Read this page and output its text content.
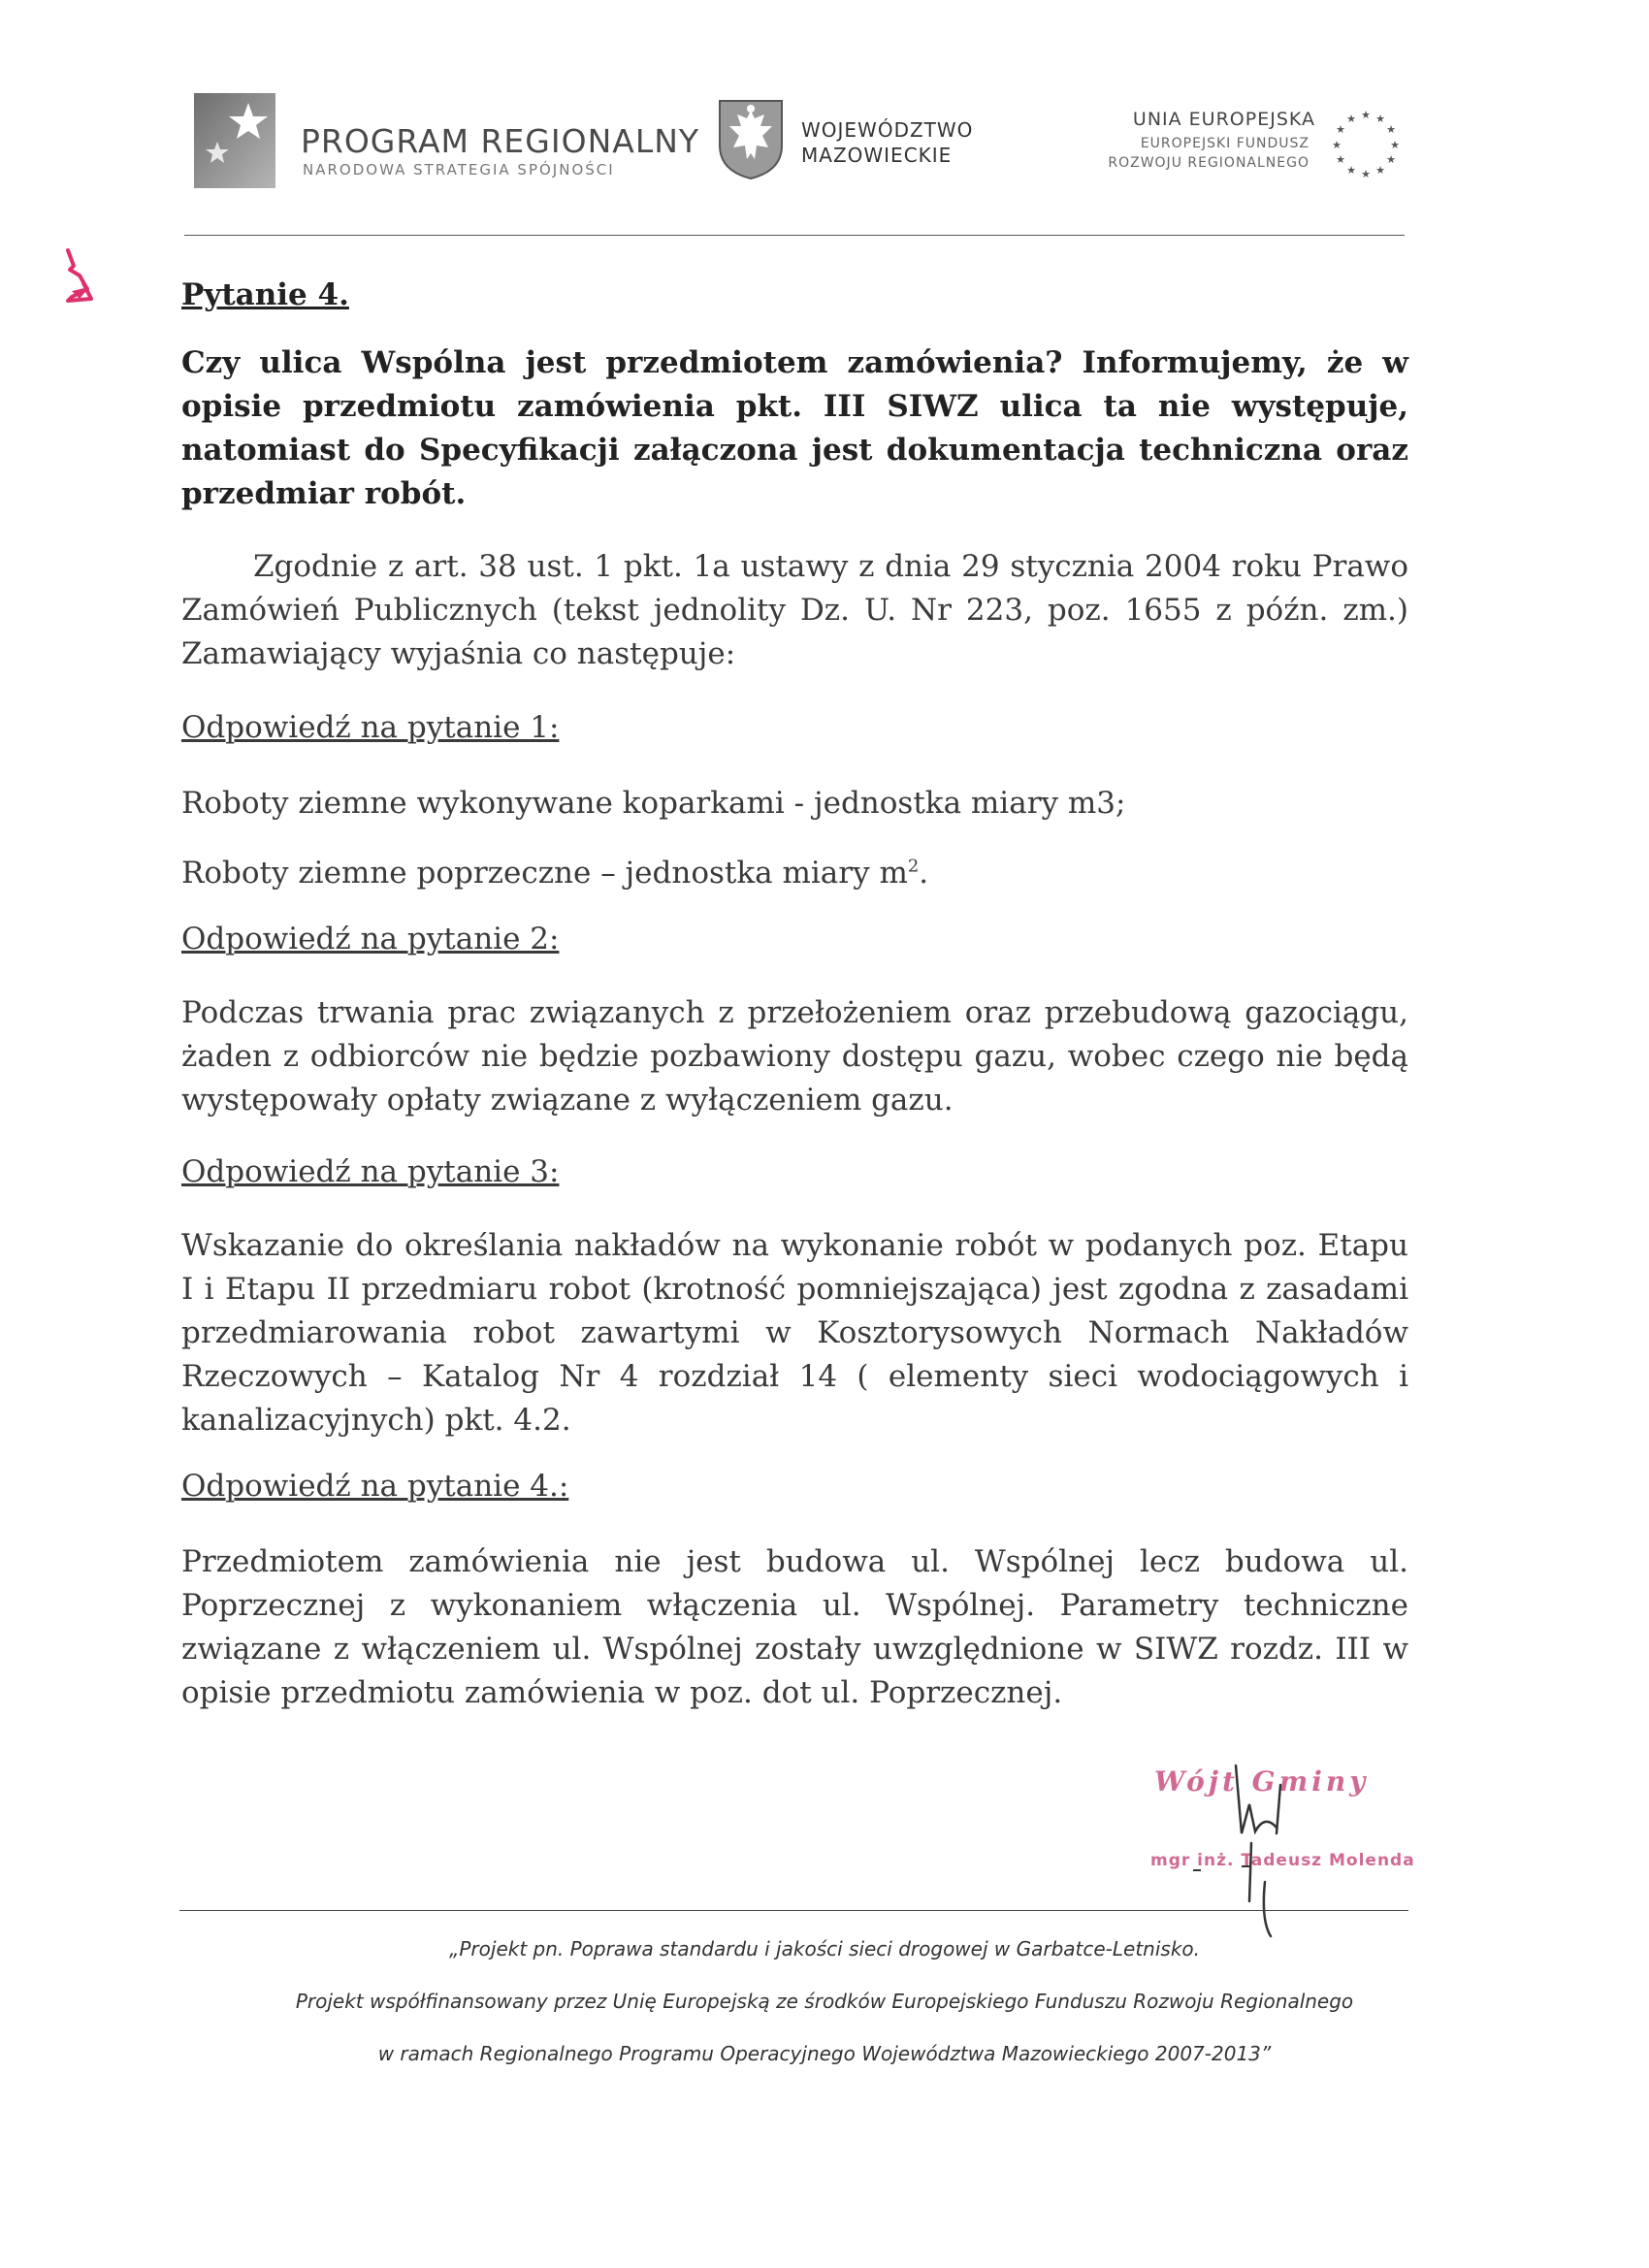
PROGRAM REGIONALNY
NARODOWA STRATEGIA SPÓJNOŚCI
WOJEWÓDZTWO
MAZOWIECKIE
UNIA EUROPEJSKA
EUROPEJSKI FUNDUSZ
ROZWOJU REGIONALNEGO
★ ★
★
★
★
★
★
★
★
★
★
★
Pytanie 4.
Czy ulica Wspólna jest przedmiotem zamówienia? Informujemy, że w opisie przedmiotu zamówienia pkt. III SIWZ ulica ta nie występuje, natomiast do Specyfikacji załączona jest dokumentacja techniczna oraz przedmiar robót.
Zgodnie z art. 38 ust. 1 pkt. 1a ustawy z dnia 29 stycznia 2004 roku Prawo Zamówień Publicznych (tekst jednolity Dz. U. Nr 223, poz. 1655 z późn. zm.) Zamawiający wyjaśnia co następuje:
Odpowiedź na pytanie 1:
Roboty ziemne wykonywane koparkami - jednostka miary m3;
Roboty ziemne poprzeczne – jednostka miary $m^2$.
Odpowiedź na pytanie 2:
Podczas trwania prac związanych z przełożeniem oraz przebudową gazociągu, żaden z odbiorców nie będzie pozbawiony dostępu gazu, wobec czego nie będą występowały opłaty związane z wyłączeniem gazu.
Odpowiedź na pytanie 3:
Wskazanie do określania nakładów na wykonanie robót w podanych poz. Etapu I i Etapu II przedmiaru robot (krotność pomniejszająca) jest zgodna z zasadami przedmiarowania robot zawartymi w Kosztorysowych Normach Nakładów Rzeczowych – Katalog Nr 4 rozdział 14 ( elementy sieci wodociągowych i kanalizacyjnych) pkt. 4.2.
Odpowiedź na pytanie 4.:
Przedmiotem zamówienia nie jest budowa ul. Wspólnej lecz budowa ul. Poprzecznej z wykonaniem włączenia ul. Wspólnej. Parametry techniczne związane z włączeniem ul. Wspólnej zostały uwzględnione w SIWZ rozdz. III w opisie przedmiotu zamówienia w poz. dot ul. Poprzecznej.
Wójt Gminy
mgr inż. Tadeusz Molenda
„Projekt pn. Poprawa standardu i jakości sieci drogowej w Garbatce-Letnisko.
Projekt współfinansowany przez Unię Europejską ze środków Europejskiego Funduszu Rozwoju Regionalnego
w ramach Regionalnego Programu Operacyjnego Województwa Mazowieckiego 2007-2013”
